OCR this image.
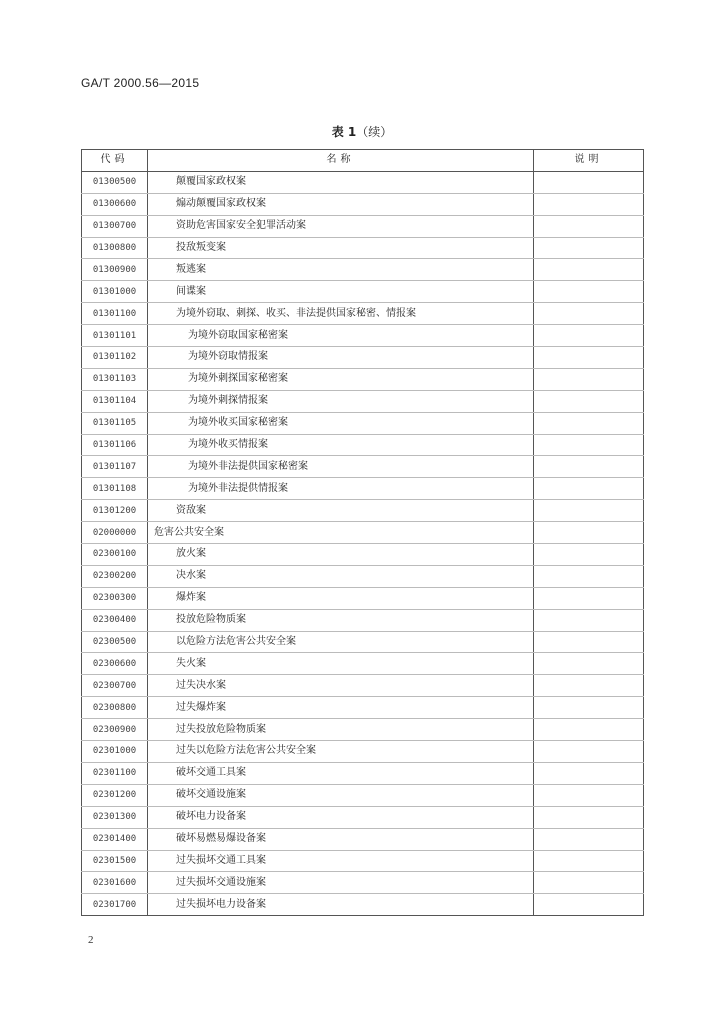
GA/T 2000.56—2015
表 1（续）
代码	名称	说明
01300500	颠覆国家政权案	
01300600	煽动颠覆国家政权案	
01300700	资助危害国家安全犯罪活动案	
01300800	投敌叛变案	
01300900	叛逃案	
01301000	间谍案	
01301100	为境外窃取、刺探、收买、非法提供国家秘密、情报案	
01301101	为境外窃取国家秘密案	
01301102	为境外窃取情报案	
01301103	为境外刺探国家秘密案	
01301104	为境外刺探情报案	
01301105	为境外收买国家秘密案	
01301106	为境外收买情报案	
01301107	为境外非法提供国家秘密案	
01301108	为境外非法提供情报案	
01301200	资敌案	
02000000	危害公共安全案	
02300100	放火案	
02300200	决水案	
02300300	爆炸案	
02300400	投放危险物质案	
02300500	以危险方法危害公共安全案	
02300600	失火案	
02300700	过失决水案	
02300800	过失爆炸案	
02300900	过失投放危险物质案	
02301000	过失以危险方法危害公共安全案	
02301100	破坏交通工具案	
02301200	破坏交通设施案	
02301300	破坏电力设备案	
02301400	破坏易燃易爆设备案	
02301500	过失损坏交通工具案	
02301600	过失损坏交通设施案	
02301700	过失损坏电力设备案	
2
